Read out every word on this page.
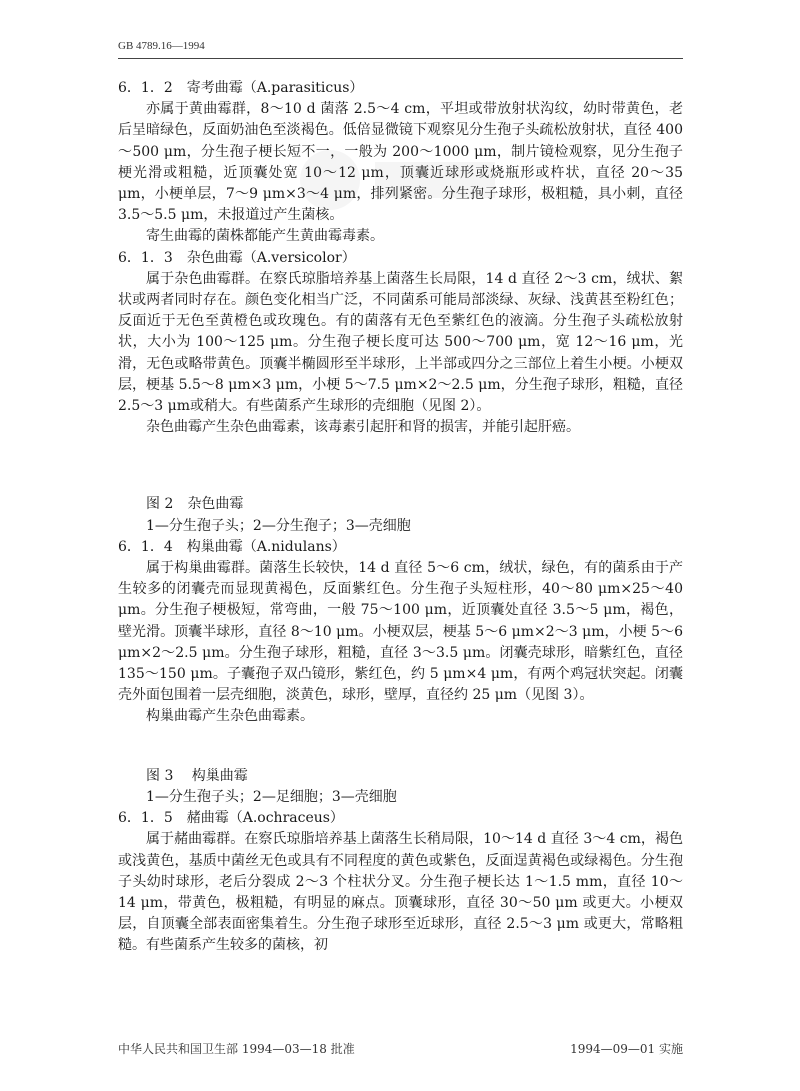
GB 4789.16—1994

6．1．2　寄考曲霉（A.parasiticus）

亦属于黄曲霉群，8～10 d 菌落 2.5～4 cm，平坦或带放射状沟纹，幼时带黄色，老后呈暗绿色，反面奶油色至淡褐色。低倍显微镜下观察见分生孢子头疏松放射状，直径 400～500 μm，分生孢子梗长短不一，一般为 200～1000 μm，制片镜检观察，见分生孢子梗光滑或粗糙，近顶囊处宽 10～12 μm，顶囊近球形或烧瓶形或杵状，直径 20～35 μm，小梗单层，7～9 μm×3～4 μm，排列紧密。分生孢子球形，极粗糙，具小刺，直径 3.5～5.5 μm，未报道过产生菌核。

寄生曲霉的菌株都能产生黄曲霉毒素。

6．1．3　杂色曲霉（A.versicolor）

属于杂色曲霉群。在察氏琼脂培养基上菌落生长局限，14 d 直径 2～3 cm，绒状、絮状或两者同时存在。颜色变化相当广泛，不同菌系可能局部淡绿、灰绿、浅黄甚至粉红色；反面近于无色至黄橙色或玫瑰色。有的菌落有无色至紫红色的液滴。分生孢子头疏松放射状，大小为 100～125 μm。分生孢子梗长度可达 500～700 μm，宽 12～16 μm，光滑，无色或略带黄色。顶囊半椭圆形至半球形，上半部或四分之三部位上着生小梗。小梗双层，梗基 5.5～8 μm×3 μm，小梗 5～7.5 μm×2～2.5 μm，分生孢子球形，粗糙，直径 2.5～3 μm或稍大。有些菌系产生球形的壳细胞（见图 2）。

杂色曲霉产生杂色曲霉素，该毒素引起肝和肾的损害，并能引起肝癌。

图 2　杂色曲霉

1—分生孢子头；2—分生孢子；3—壳细胞

6．1．4　构巢曲霉（A.nidulans）

属于构巢曲霉群。菌落生长较快，14 d 直径 5～6 cm，绒状，绿色，有的菌系由于产生较多的闭囊壳而显现黄褐色，反面紫红色。分生孢子头短柱形，40～80 μm×25～40 μm。分生孢子梗极短，常弯曲，一般 75～100 μm，近顶囊处直径 3.5～5 μm，褐色，壁光滑。顶囊半球形，直径 8～10 μm。小梗双层，梗基 5～6 μm×2～3 μm，小梗 5～6 μm×2～2.5 μm。分生孢子球形，粗糙，直径 3～3.5 μm。闭囊壳球形，暗紫红色，直径 135～150 μm。子囊孢子双凸镜形，紫红色，约 5 μm×4 μm，有两个鸡冠状突起。闭囊壳外面包围着一层壳细胞，淡黄色，球形，壁厚，直径约 25 μm（见图 3）。

构巢曲霉产生杂色曲霉素。

图 3　 构巢曲霉

1—分生孢子头；2—足细胞；3—壳细胞

6．1．5　赭曲霉（A.ochraceus）

属于赭曲霉群。在察氏琼脂培养基上菌落生长稍局限，10～14 d 直径 3～4 cm，褐色或浅黄色，基质中菌丝无色或具有不同程度的黄色或紫色，反面逞黄褐色或绿褐色。分生孢子头幼时球形，老后分裂成 2～3 个柱状分叉。分生孢子梗长达 1～1.5 mm，直径 10～14 μm，带黄色，极粗糙，有明显的麻点。顶囊球形，直径 30～50 μm 或更大。小梗双层，自顶囊全部表面密集着生。分生孢子球形至近球形，直径 2.5～3 μm 或更大，常略粗糙。有些菌系产生较多的菌核，初

中华人民共和国卫生部 1994—03—18 批准	1994—09—01 实施
